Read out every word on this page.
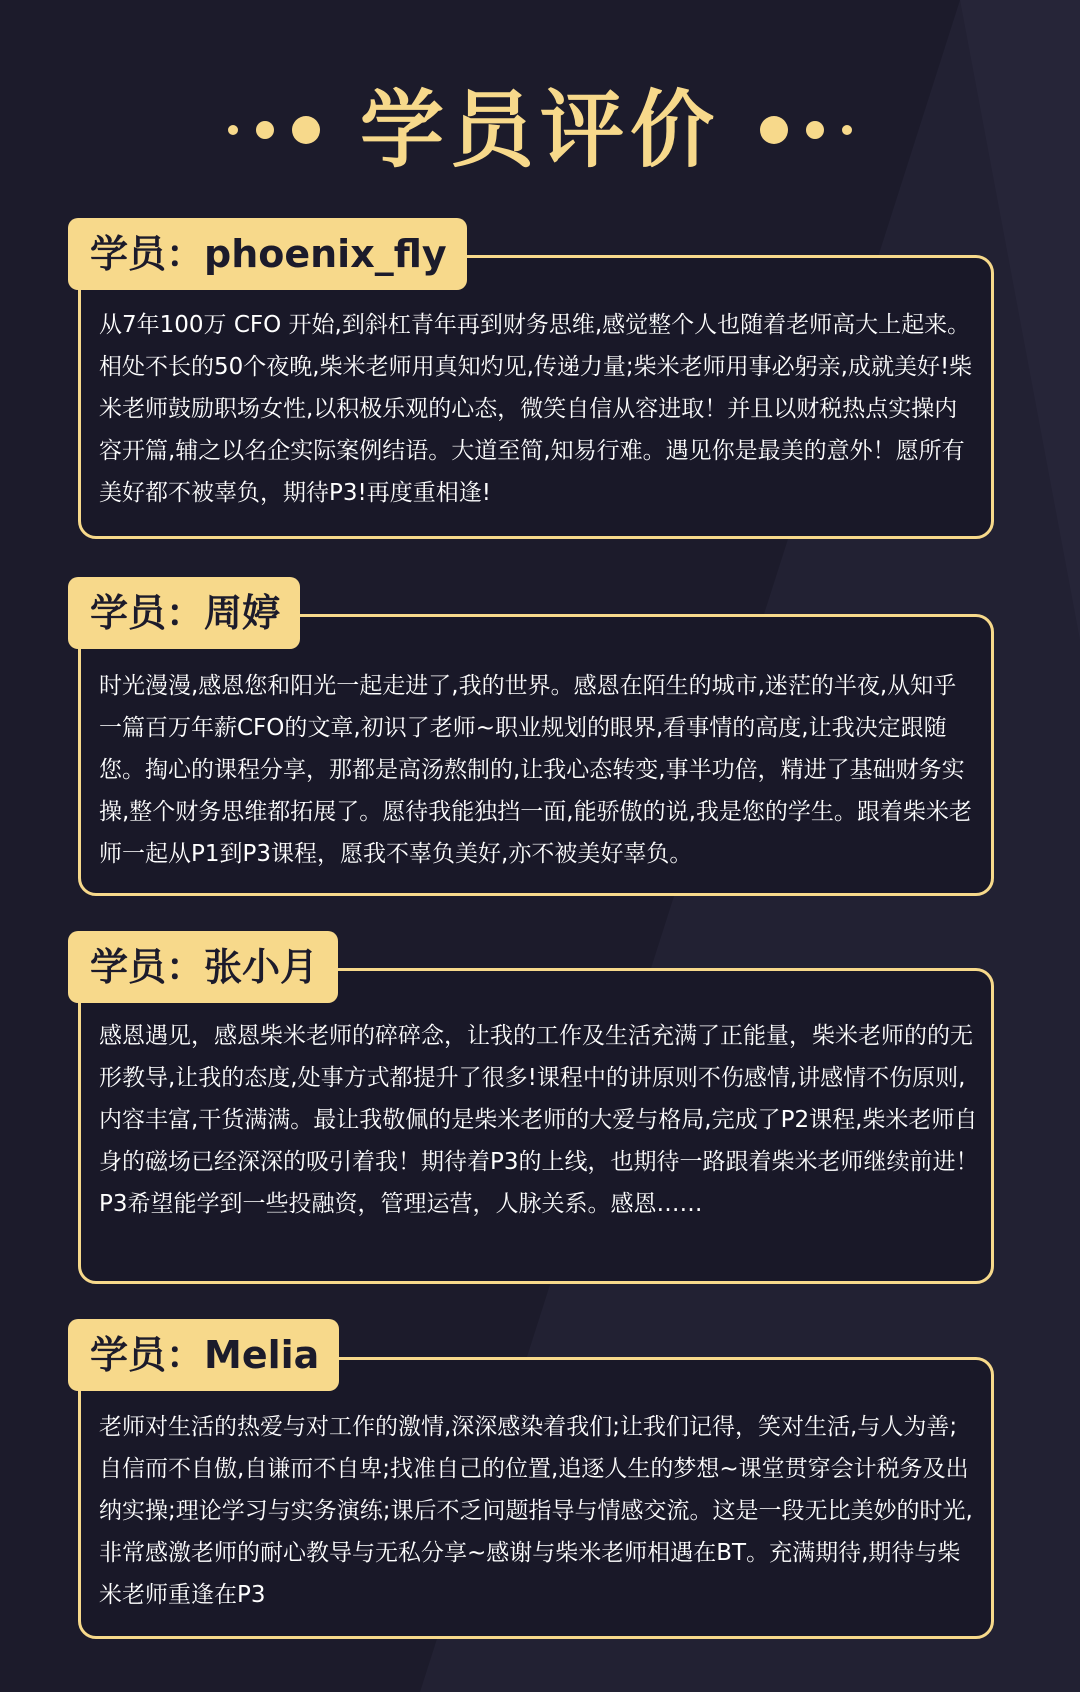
学员评价

从7年100万 CFO 开始,到斜杠青年再到财务思维,感觉整个人也随着老师高大上起来。相处不长的50个夜晚,柴米老师用真知灼见,传递力量;柴米老师用事必躬亲,成就美好!柴米老师鼓励职场女性,以积极乐观的心态，微笑自信从容进取！并且以财税热点实操内容开篇,辅之以名企实际案例结语。大道至简,知易行难。遇见你是最美的意外！愿所有美好都不被辜负，期待P3!再度重相逢!

学员：phoenix_fly

时光漫漫,感恩您和阳光一起走进了,我的世界。感恩在陌生的城市,迷茫的半夜,从知乎一篇百万年薪CFO的文章,初识了老师~职业规划的眼界,看事情的高度,让我决定跟随您。掏心的课程分享，那都是高汤熬制的,让我心态转变,事半功倍，精进了基础财务实操,整个财务思维都拓展了。愿待我能独挡一面,能骄傲的说,我是您的学生。跟着柴米老师一起从P1到P3课程，愿我不辜负美好,亦不被美好辜负。

学员：周婷

感恩遇见，感恩柴米老师的碎碎念，让我的工作及生活充满了正能量，柴米老师的的无形教导,让我的态度,处事方式都提升了很多!课程中的讲原则不伤感情,讲感情不伤原则,内容丰富,干货满满。最让我敬佩的是柴米老师的大爱与格局,完成了P2课程,柴米老师自身的磁场已经深深的吸引着我！期待着P3的上线，也期待一路跟着柴米老师继续前进！P3希望能学到一些投融资，管理运营，人脉关系。感恩……

学员：张小月

老师对生活的热爱与对工作的激情,深深感染着我们;让我们记得，笑对生活,与人为善;自信而不自傲,自谦而不自卑;找准自己的位置,追逐人生的梦想~课堂贯穿会计税务及出纳实操;理论学习与实务演练;课后不乏问题指导与情感交流。这是一段无比美妙的时光,非常感激老师的耐心教导与无私分享~感谢与柴米老师相遇在BT。充满期待,期待与柴米老师重逢在P3

学员：Melia
